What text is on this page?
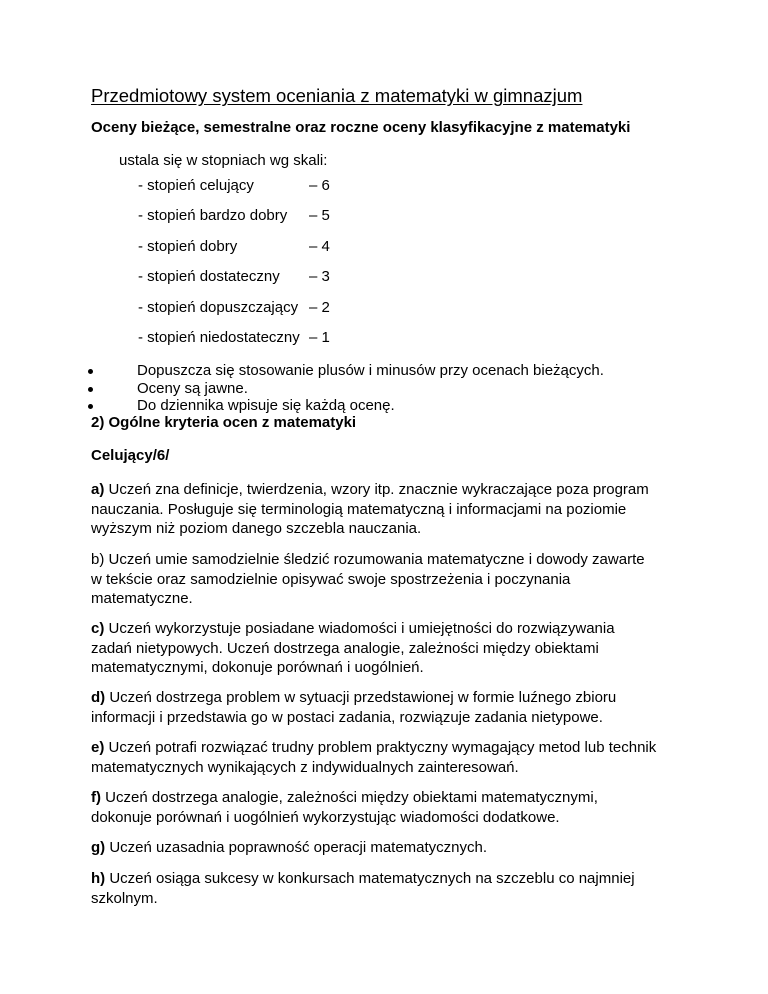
Przedmiotowy system oceniania z matematyki w gimnazjum
Oceny bieżące, semestralne oraz roczne oceny klasyfikacyjne z matematyki
ustala się w stopniach wg skali:
- stopień celujący	– 6
- stopień bardzo dobry – 5
- stopień dobry	– 4
- stopień dostateczny – 3
- stopień dopuszczający – 2
- stopień niedostateczny – 1
Dopuszcza się stosowanie plusów i minusów przy ocenach bieżących.
Oceny są jawne.
Do dziennika wpisuje się każdą ocenę.
2) Ogólne kryteria ocen z matematyki
Celujący/6/
a) Uczeń zna definicje, twierdzenia, wzory itp. znacznie wykraczające poza program
nauczania. Posługuje się terminologią matematyczną i informacjami na poziomie
wyższym niż poziom danego szczebla nauczania.
b) Uczeń umie samodzielnie śledzić rozumowania matematyczne i dowody zawarte
w tekście oraz samodzielnie opisywać swoje spostrzeżenia i poczynania
matematyczne.
c) Uczeń wykorzystuje posiadane wiadomości i umiejętności do rozwiązywania
zadań nietypowych. Uczeń dostrzega analogie, zależności między obiektami
matematycznymi, dokonuje porównań i uogólnień.
d) Uczeń dostrzega problem w sytuacji przedstawionej w formie luźnego zbioru
informacji i przedstawia go w postaci zadania, rozwiązuje zadania nietypowe.
e) Uczeń potrafi rozwiązać trudny problem praktyczny wymagający metod lub technik
matematycznych wynikających z indywidualnych zainteresowań.
f) Uczeń dostrzega analogie, zależności między obiektami matematycznymi,
dokonuje porównań i uogólnień wykorzystując wiadomości dodatkowe.
g) Uczeń uzasadnia poprawność operacji matematycznych.
h) Uczeń osiąga sukcesy w konkursach matematycznych na szczeblu co najmniej
szkolnym.
